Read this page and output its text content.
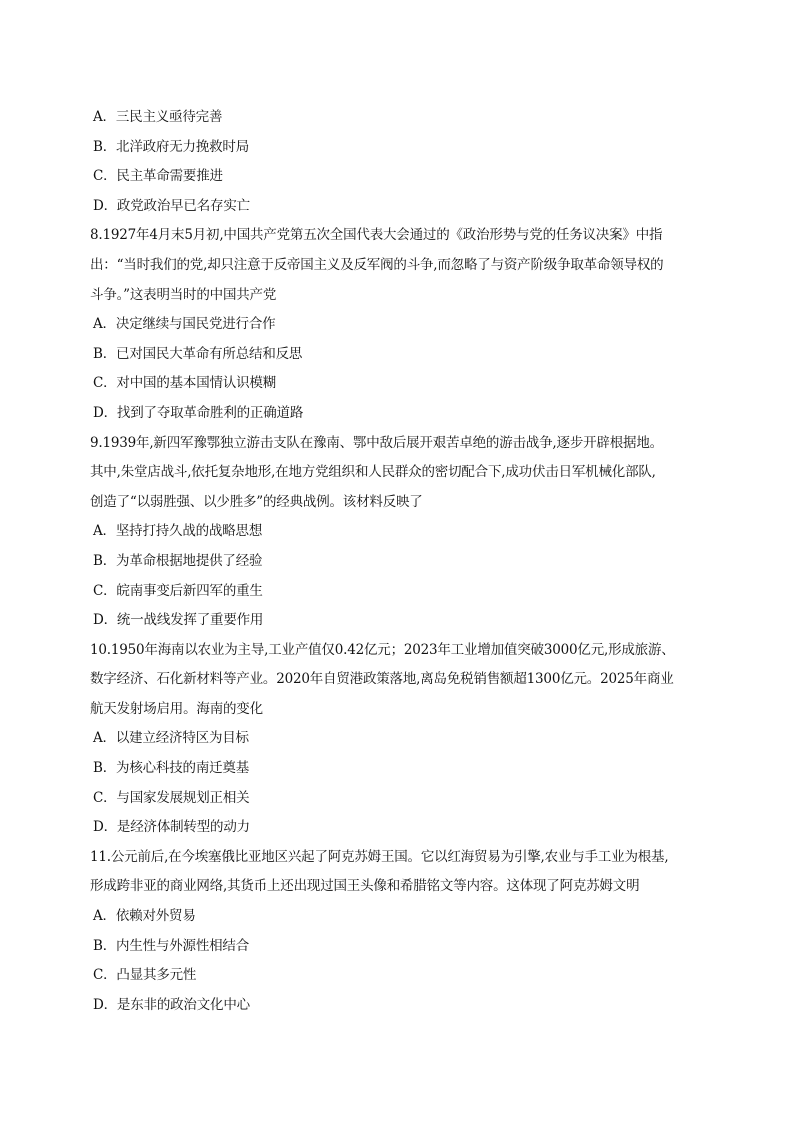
A．三民主义亟待完善
B．北洋政府无力挽救时局
C．民主革命需要推进
D．政党政治早已名存实亡
8.1927年4月末5月初,中国共产党第五次全国代表大会通过的《政治形势与党的任务议决案》中指
出：“当时我们的党,却只注意于反帝国主义及反军阀的斗争,而忽略了与资产阶级争取革命领导权的
斗争。”这表明当时的中国共产党
A．决定继续与国民党进行合作
B．已对国民大革命有所总结和反思
C．对中国的基本国情认识模糊
D．找到了夺取革命胜利的正确道路
9.1939年,新四军豫鄂独立游击支队在豫南、鄂中敌后展开艰苦卓绝的游击战争,逐步开辟根据地。
其中,朱堂店战斗,依托复杂地形,在地方党组织和人民群众的密切配合下,成功伏击日军机械化部队,
创造了“以弱胜强、以少胜多”的经典战例。该材料反映了
A．坚持打持久战的战略思想
B．为革命根据地提供了经验
C．皖南事变后新四军的重生
D．统一战线发挥了重要作用
10.1950年海南以农业为主导,工业产值仅0.42亿元；2023年工业增加值突破3000亿元,形成旅游、
数字经济、石化新材料等产业。2020年自贸港政策落地,离岛免税销售额超1300亿元。2025年商业
航天发射场启用。海南的变化
A．以建立经济特区为目标
B．为核心科技的南迁奠基
C．与国家发展规划正相关
D．是经济体制转型的动力
11.公元前后,在今埃塞俄比亚地区兴起了阿克苏姆王国。它以红海贸易为引擎,农业与手工业为根基,
形成跨非亚的商业网络,其货币上还出现过国王头像和希腊铭文等内容。这体现了阿克苏姆文明
A．依赖对外贸易
B．内生性与外源性相结合
C．凸显其多元性
D．是东非的政治文化中心
